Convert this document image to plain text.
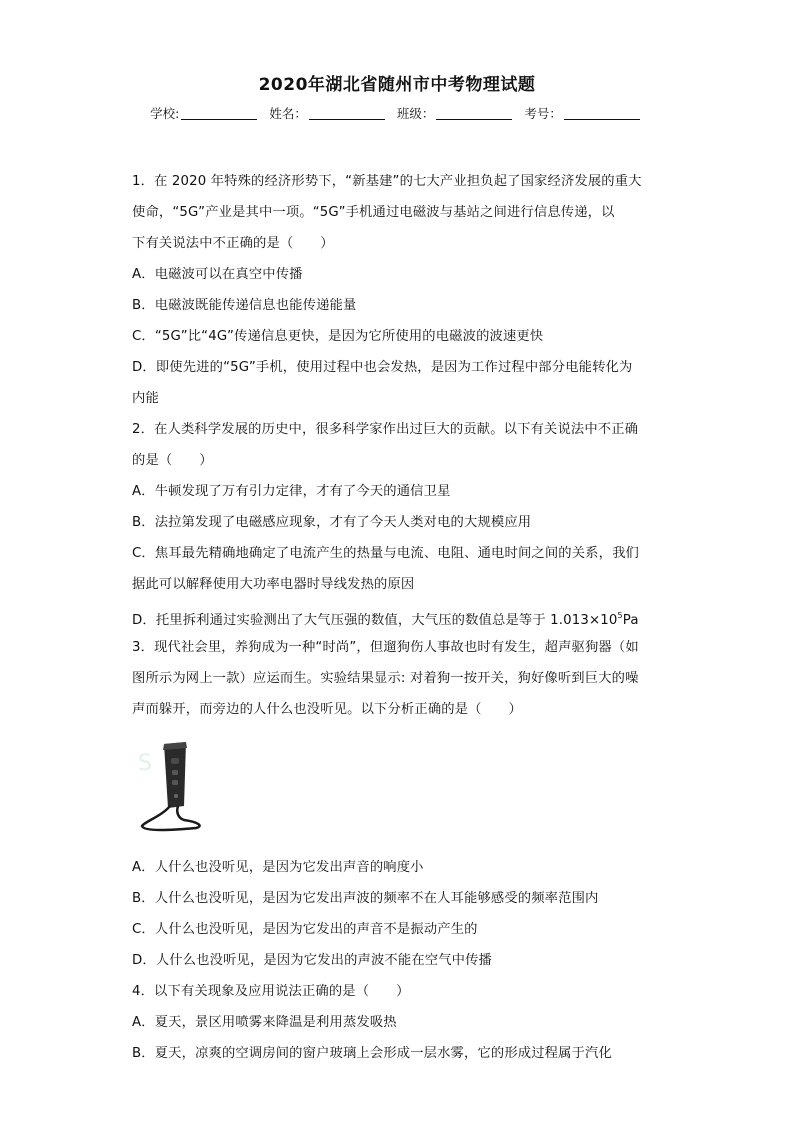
2020年湖北省随州市中考物理试题
学校:	姓名：	班级：	考号：

1．在 2020 年特殊的经济形势下，“新基建”的七大产业担负起了国家经济发展的重大

使命，“5G”产业是其中一项。“5G”手机通过电磁波与基站之间进行信息传递，以

下有关说法中不正确的是（　　）

A．电磁波可以在真空中传播

B．电磁波既能传递信息也能传递能量

C．“5G”比“4G”传递信息更快，是因为它所使用的电磁波的波速更快

D．即使先进的“5G”手机，使用过程中也会发热，是因为工作过程中部分电能转化为

内能

2．在人类科学发展的历史中，很多科学家作出过巨大的贡献。以下有关说法中不正确

的是（　　）

A．牛顿发现了万有引力定律，才有了今天的通信卫星

B．法拉第发现了电磁感应现象，才有了今天人类对电的大规模应用

C．焦耳最先精确地确定了电流产生的热量与电流、电阻、通电时间之间的关系，我们

据此可以解释使用大功率电器时导线发热的原因

D．托里拆利通过实验测出了大气压强的数值，大气压的数值总是等于 $1.013\times 10^5Pa$

3．现代社会里，养狗成为一种“时尚”，但遛狗伤人事故也时有发生，超声驱狗器（如

图所示为网上一款）应运而生。实验结果显示: 对着狗一按开关，狗好像听到巨大的噪

声而躲开，而旁边的人什么也没听见。以下分析正确的是（　　）

S

A．人什么也没听见，是因为它发出声音的响度小

B．人什么也没听见，是因为它发出声波的频率不在人耳能够感受的频率范围内

C．人什么也没听见，是因为它发出的声音不是振动产生的

D．人什么也没听见，是因为它发出的声波不能在空气中传播

4．以下有关现象及应用说法正确的是（　　）

A．夏天，景区用喷雾来降温是利用蒸发吸热

B．夏天，凉爽的空调房间的窗户玻璃上会形成一层水雾，它的形成过程属于汽化
